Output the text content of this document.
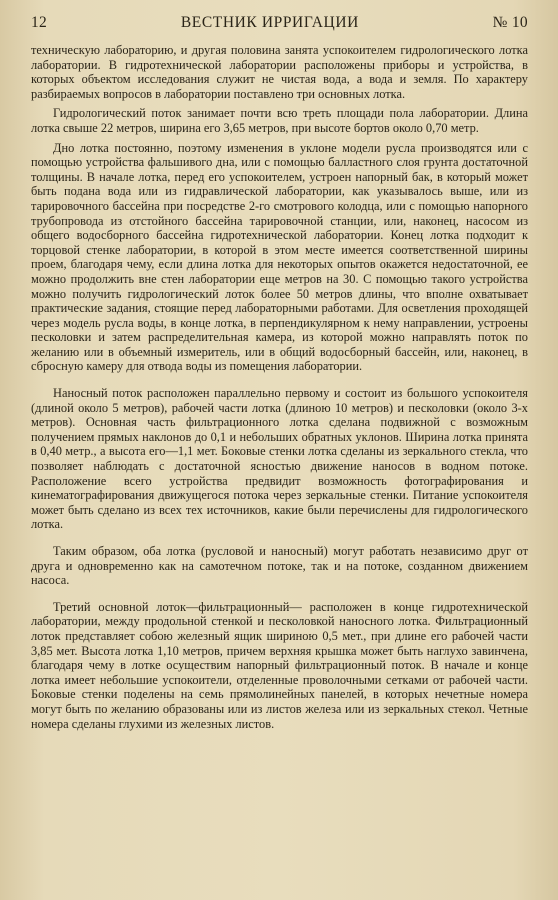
12	ВЕСТНИК ИРРИГАЦИИ	№ 10

техническую лабораторию, и другая половина занята успокоителем гидрологического лотка лаборатории. В гидротехнической лаборатории расположены приборы и устройства, в которых объектом исследования служит не чистая вода, а вода и земля. По характеру разбираемых вопросов в лаборатории поставлено три основных лотка.

Гидрологический поток занимает почти всю треть площади пола лаборатории. Длина лотка свыше 22 метров, ширина его 3,65 метров, при высоте бортов около 0,70 метр.

Дно лотка постоянно, поэтому изменения в уклоне модели русла производятся или с помощью устройства фальшивого дна, или с помощью балластного слоя грунта достаточной толщины. В начале лотка, перед его успокоителем, устроен напорный бак, в который может быть подана вода или из гидравлической лаборатории, как указывалось выше, или из тарировочного бассейна при посредстве 2-го смотрового колодца, или с помощью напорного трубопровода из отстойного бассейна тарировочной станции, или, наконец, насосом из общего водосборного бассейна гидротехнической лаборатории. Конец лотка подходит к торцовой стенке лаборатории, в которой в этом месте имеется соответственной ширины проем, благодаря чему, если длина лотка для некоторых опытов окажется недостаточной, ее можно продолжить вне стен лаборатории еще метров на 30. С помощью такого устройства можно получить гидрологический лоток более 50 метров длины, что вполне охватывает практические задания, стоящие перед лабораторными работами. Для осветления проходящей через модель русла воды, в конце лотка, в перпендикулярном к нему направлении, устроены песколовки и затем распределительная камера, из которой можно направлять поток по желанию или в объемный измеритель, или в общий водосборный бассейн, или, наконец, в сбросную камеру для отвода воды из помещения лаборатории.

Наносный поток расположен параллельно первому и состоит из большого успокоителя (длиной около 5 метров), рабочей части лотка (длиною 10 метров) и песколовки (около 3-х метров). Основная часть фильтрационного лотка сделана подвижной с возможным получением прямых наклонов до 0,1 и небольших обратных уклонов. Ширина лотка принята в 0,40 метр., а высота его—1,1 мет. Боковые стенки лотка сделаны из зеркального стекла, что позволяет наблюдать с достаточной ясностью движение наносов в водном потоке. Расположение всего устройства предвидит возможность фотографирования и кинематографирования движущегося потока через зеркальные стенки. Питание успокоителя может быть сделано из всех тех источников, какие были перечислены для гидрологического лотка.

Таким образом, оба лотка (русловой и наносный) могут работать независимо друг от друга и одновременно как на самотечном потоке, так и на потоке, созданном движением насоса.

Третий основной лоток—фильтрационный— расположен в конце гидротехнической лаборатории, между продольной стенкой и песколовкой наносного лотка. Фильтрационный лоток представляет собою железный ящик шириною 0,5 мет., при длине его рабочей части 3,85 мет. Высота лотка 1,10 метров, причем верхняя крышка может быть наглухо завинчена, благодаря чему в лотке осуществим напорный фильтрационный поток. В начале и конце лотка имеет небольшие успокоители, отделенные проволочными сетками от рабочей части. Боковые стенки поделены на семь прямолинейных панелей, в которых нечетные номера могут быть по желанию образованы или из листов железа или из зеркальных стекол. Четные номера сделаны глухими из железных листов.
